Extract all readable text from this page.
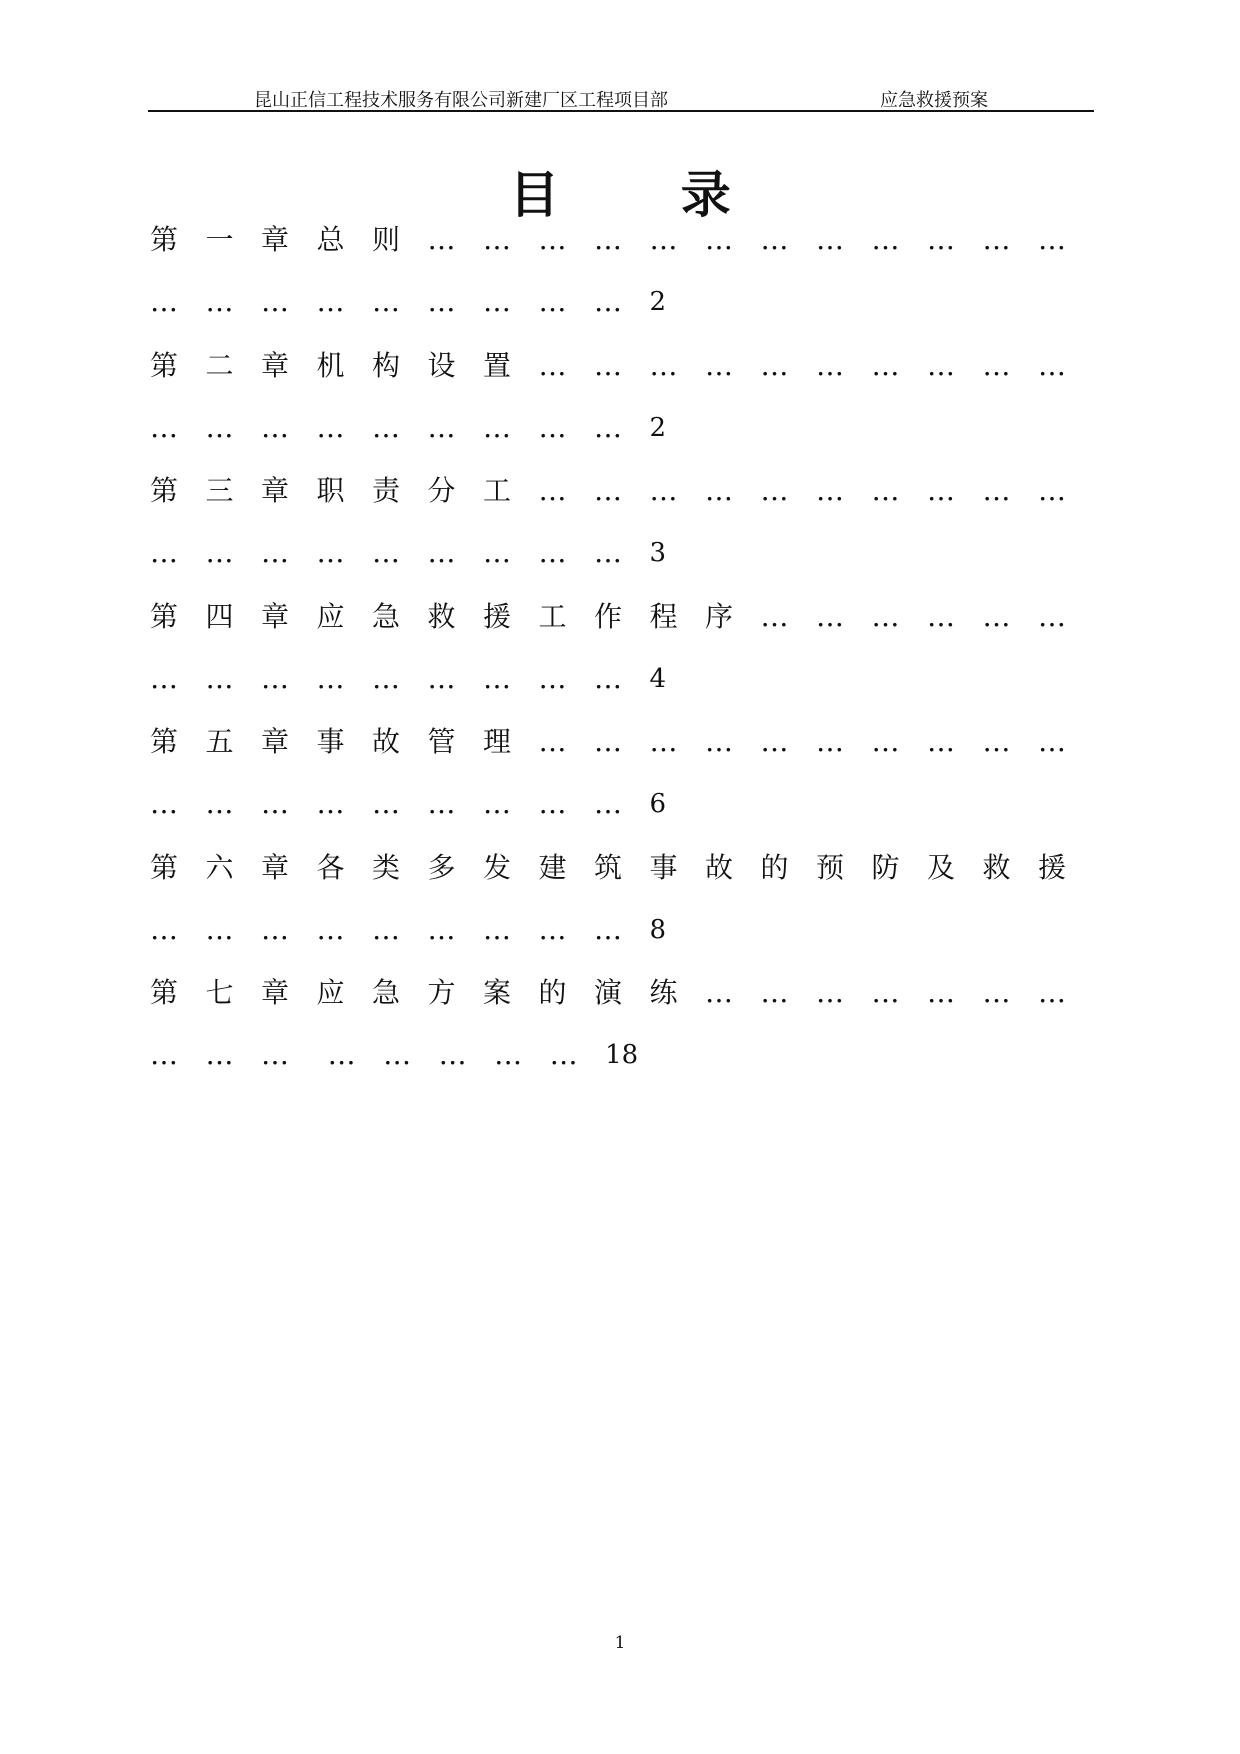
昆山正信工程技术服务有限公司新建厂区工程项目部	应急救援预案
目 录
第一章总则 …	…	…	…	…	…	…	…	…	…	…	…
…	…	…	…	…	…	…	…	…	2
第二章机构设置 …	…	…	…	…	…	…	…	…	…
…	…	…	…	…	…	…	…	…	2
第三章职责分工 …	…	…	…	…	…	…	…	…	…
…	…	…	…	…	…	…	…	…	3
第四章应急救援工作程序 …	…	…	…	…	…
…	…	…	…	…	…	…	…	…	4
第五章事故管理 …	…	…	…	…	…	…	…	…	…
…	…	…	…	…	…	…	…	…	6
第六章各类多发建筑事故的预防及救援
…	…	…	…	…	…	…	…	…	8
第七章应急方案的演练 …	…	…	…	…	…	…
…	…	…	…	…	…	…	…	18
1
